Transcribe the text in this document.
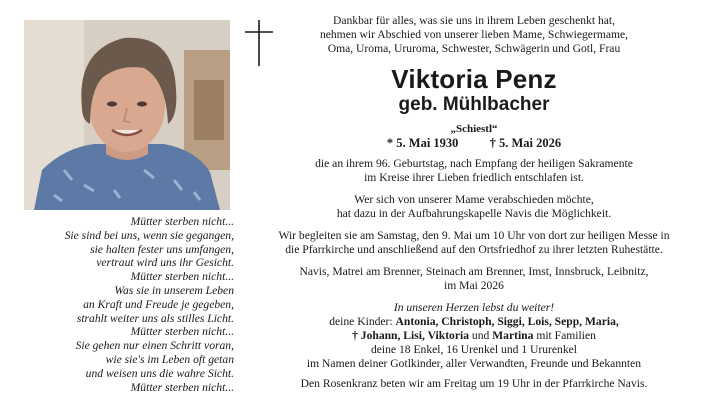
Mütter sterben nicht...
Sie sind bei uns, wenn sie gegangen,
sie halten fester uns umfangen,
vertraut wird uns ihr Gesicht.
Mütter sterben nicht...
Was sie in unserem Leben
an Kraft und Freude je gegeben,
strahlt weiter uns als stilles Licht.
Mütter sterben nicht...
Sie gehen nur einen Schritt voran,
wie sie's im Leben oft getan
und weisen uns die wahre Sicht.
Mütter sterben nicht...
Dankbar für alles, was sie uns in ihrem Leben geschenkt hat,
nehmen wir Abschied von unserer lieben Mame, Schwiegermame,
Oma, Uroma, Ururoma, Schwester, Schwägerin und Gotl, Frau
Viktoria Penz
geb. Mühlbacher
„Schiestl“
* 5. Mai 1930 † 5. Mai 2026
die an ihrem 96. Geburtstag, nach Empfang der heiligen Sakramente
im Kreise ihrer Lieben friedlich entschlafen ist.
Wer sich von unserer Mame verabschieden möchte,
hat dazu in der Aufbahrungskapelle Navis die Möglichkeit.
Wir begleiten sie am Samstag, den 9. Mai um 10 Uhr von dort zur heiligen Messe in
die Pfarrkirche und anschließend auf den Ortsfriedhof zu ihrer letzten Ruhestätte.
Navis, Matrei am Brenner, Steinach am Brenner, Imst, Innsbruck, Leibnitz,
im Mai 2026
In unseren Herzen lebst du weiter!
deine Kinder: Antonia, Christoph, Siggi, Lois, Sepp, Maria,
† Johann, Lisi, Viktoria und Martina mit Familien
deine 18 Enkel, 16 Urenkel und 1 Ururenkel
im Namen deiner Gotlkinder, aller Verwandten, Freunde und Bekannten
Den Rosenkranz beten wir am Freitag um 19 Uhr in der Pfarrkirche Navis.
